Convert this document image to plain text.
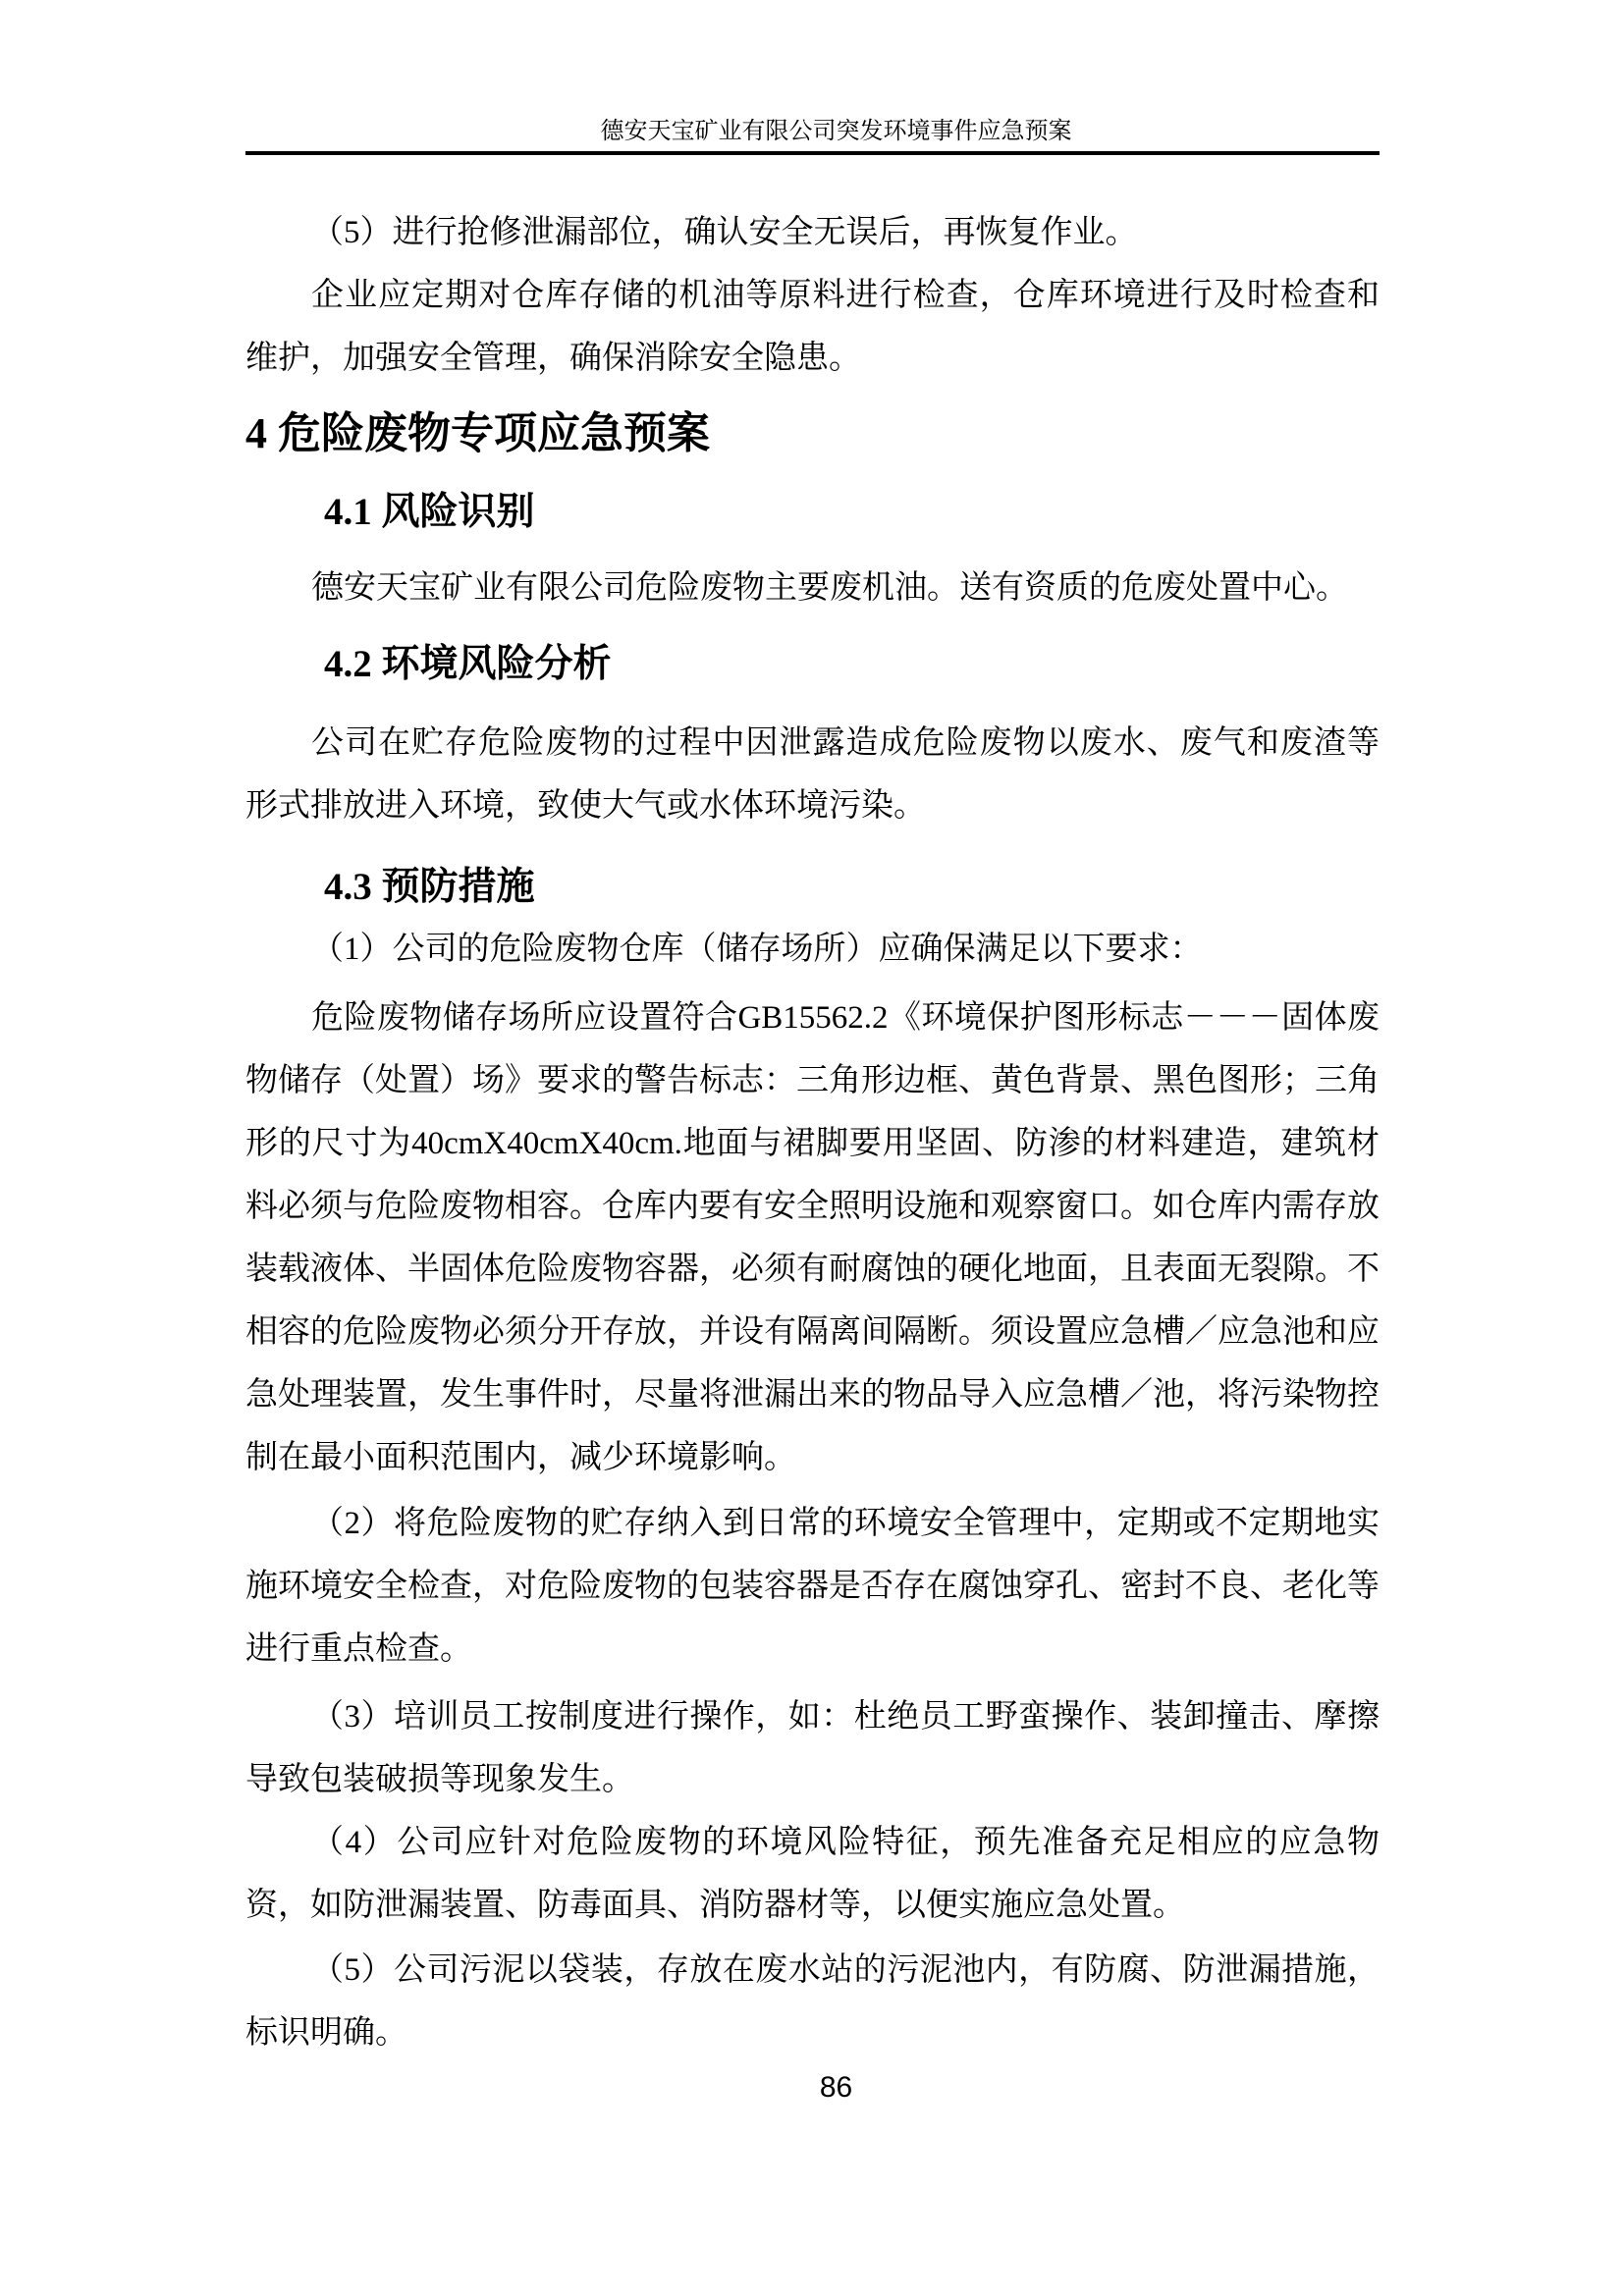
德安天宝矿业有限公司突发环境事件应急预案

（5）进行抢修泄漏部位，确认安全无误后，再恢复作业。

企业应定期对仓库存储的机油等原料进行检查，仓库环境进行及时检查和维护，加强安全管理，确保消除安全隐患。

4 危险废物专项应急预案
4.1 风险识别

德安天宝矿业有限公司危险废物主要废机油。送有资质的危废处置中心。

4.2 环境风险分析

公司在贮存危险废物的过程中因泄露造成危险废物以废水、废气和废渣等形式排放进入环境，致使大气或水体环境污染。

4.3 预防措施

（1）公司的危险废物仓库（储存场所）应确保满足以下要求：

危险废物储存场所应设置符合GB15562.2《环境保护图形标志－－－固体废物储存（处置）场》要求的警告标志：三角形边框、黄色背景、黑色图形；三角形的尺寸为40cmX40cmX40cm.地面与裙脚要用坚固、防渗的材料建造，建筑材料必须与危险废物相容。仓库内要有安全照明设施和观察窗口。如仓库内需存放装载液体、半固体危险废物容器，必须有耐腐蚀的硬化地面，且表面无裂隙。不相容的危险废物必须分开存放，并设有隔离间隔断。须设置应急槽／应急池和应急处理装置，发生事件时，尽量将泄漏出来的物品导入应急槽／池，将污染物控制在最小面积范围内，减少环境影响。

（2）将危险废物的贮存纳入到日常的环境安全管理中，定期或不定期地实施环境安全检查，对危险废物的包装容器是否存在腐蚀穿孔、密封不良、老化等进行重点检查。

（3）培训员工按制度进行操作，如：杜绝员工野蛮操作、装卸撞击、摩擦导致包装破损等现象发生。

（4）公司应针对危险废物的环境风险特征，预先准备充足相应的应急物资，如防泄漏装置、防毒面具、消防器材等，以便实施应急处置。

（5）公司污泥以袋装，存放在废水站的污泥池内，有防腐、防泄漏措施，标识明确。

86
